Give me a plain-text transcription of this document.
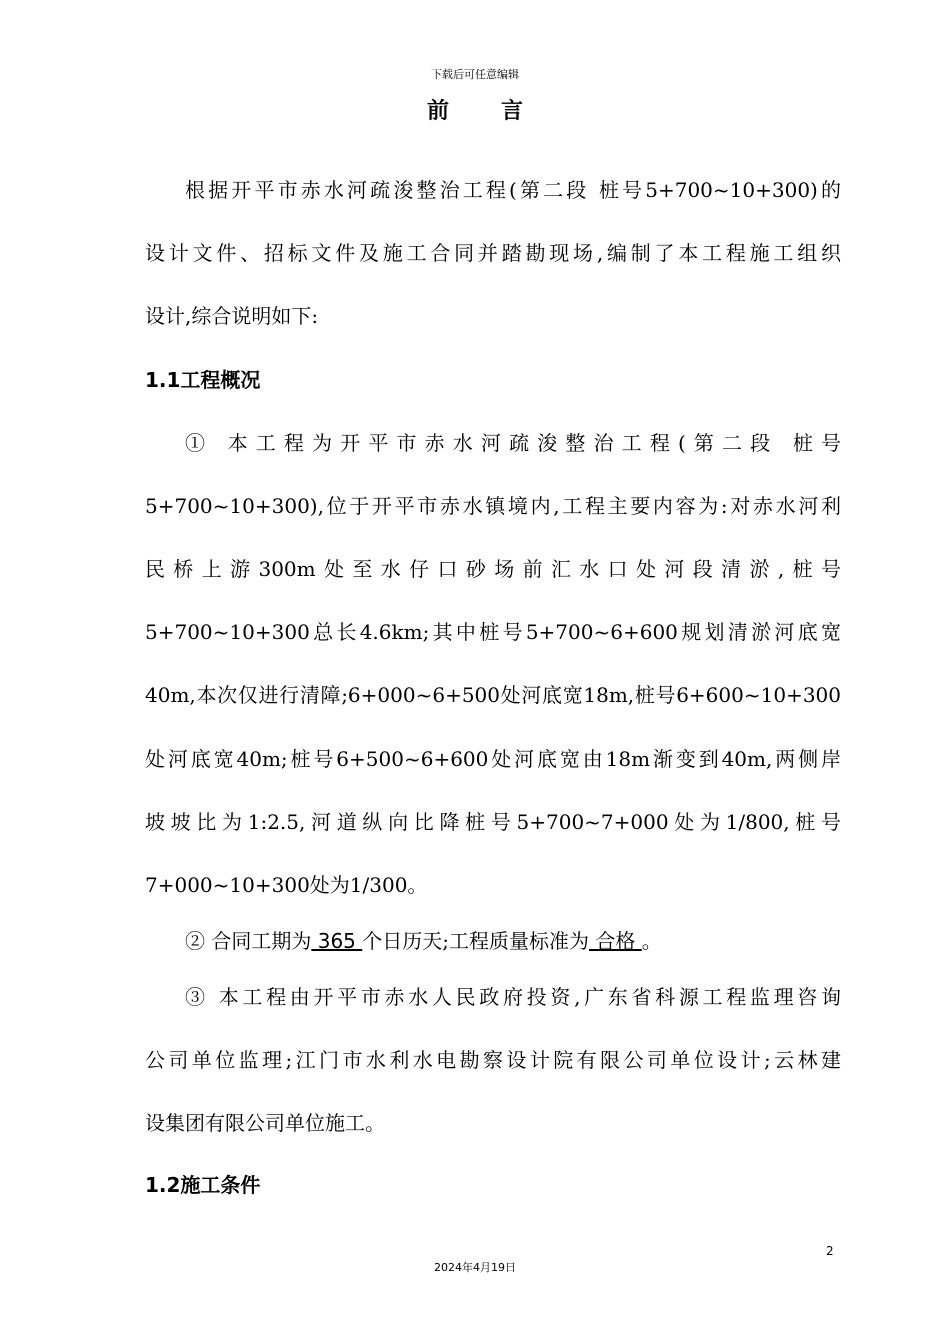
下载后可任意编辑
前言
根据开平市赤水河疏浚整治工程(第二段 桩号5+700~10+300)的
设计文件、招标文件及施工合同并踏勘现场,编制了本工程施工组织
设计,综合说明如下:
1.1工程概况
① 本工程为开平市赤水河疏浚整治工程(第二段 桩号
5+700~10+300),位于开平市赤水镇境内,工程主要内容为:对赤水河利
民桥上游300m处至水仔口砂场前汇水口处河段清淤,桩号
5+700~10+300总长4.6km;其中桩号5+700~6+600规划清淤河底宽
40m,本次仅进行清障;6+000~6+500处河底宽18m,桩号6+600~10+300
处河底宽40m;桩号6+500~6+600处河底宽由18m渐变到40m,两侧岸
坡坡比为1:2.5,河道纵向比降桩号5+700~7+000处为1/800,桩号
7+000~10+300处为1/300。
② 合同工期为 365 个日历天;工程质量标准为 合格 。
③ 本工程由开平市赤水人民政府投资,广东省科源工程监理咨询
公司单位监理;江门市水利水电勘察设计院有限公司单位设计;云林建
设集团有限公司单位施工。
1.2施工条件
2
2024年4月19日
